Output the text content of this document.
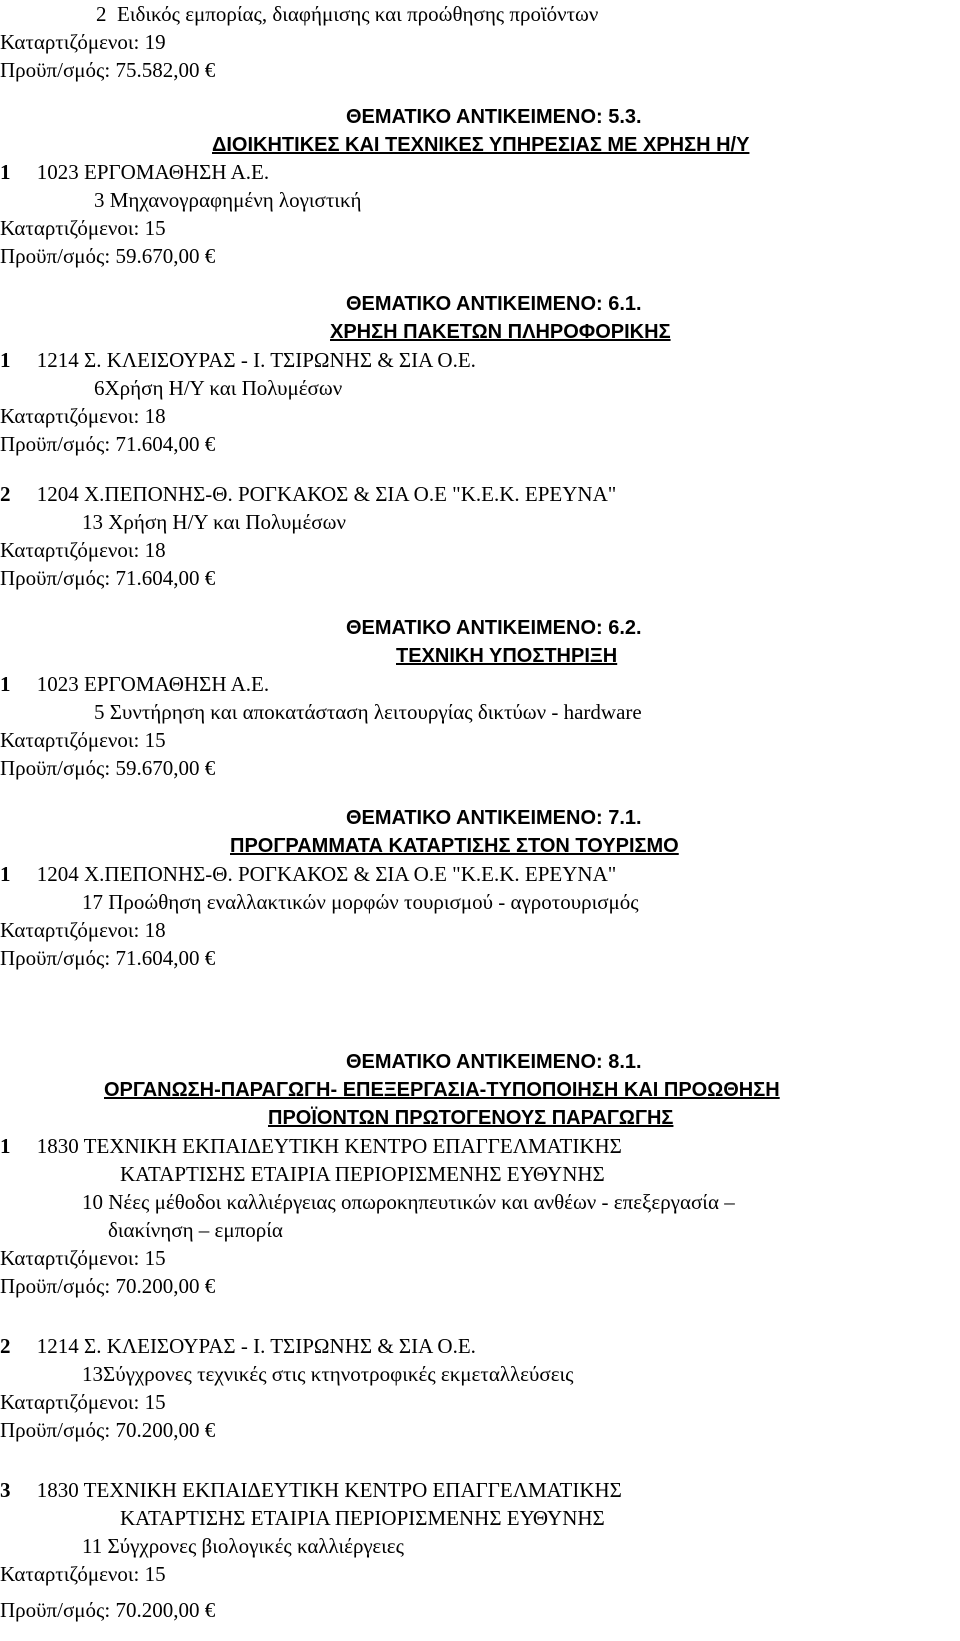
2 Ειδικός εμπορίας, διαφήμισης και προώθησης προϊόντων
Καταρτιζόμενοι: 19
Προϋπ/σμός: 75.582,00 €
ΘΕΜΑΤΙΚΟ ΑΝΤΙΚΕΙΜΕΝΟ: 5.3.
ΔΙΟΙΚΗΤΙΚΕΣ ΚΑΙ ΤΕΧΝΙΚΕΣ ΥΠΗΡΕΣΙΑΣ ΜΕ ΧΡΗΣΗ Η/Υ
1 1023 ΕΡΓΟΜΑΘΗΣΗ Α.Ε.
3 Μηχανογραφημένη λογιστική
Καταρτιζόμενοι: 15
Προϋπ/σμός: 59.670,00 €
ΘΕΜΑΤΙΚΟ ΑΝΤΙΚΕΙΜΕΝΟ: 6.1.
ΧΡΗΣΗ ΠΑΚΕΤΩΝ ΠΛΗΡΟΦΟΡΙΚΗΣ
1 1214 Σ. ΚΛΕΙΣΟΥΡΑΣ - Ι. ΤΣΙΡΩΝΗΣ & ΣΙΑ Ο.Ε.
6Χρήση Η/Υ και Πολυμέσων
Καταρτιζόμενοι: 18
Προϋπ/σμός: 71.604,00 €
2 1204 Χ.ΠΕΠΟΝΗΣ-Θ. ΡΟΓΚΑΚΟΣ & ΣΙΑ Ο.Ε "Κ.Ε.Κ. ΕΡΕΥΝΑ"
13 Χρήση Η/Υ και Πολυμέσων
Καταρτιζόμενοι: 18
Προϋπ/σμός: 71.604,00 €
ΘΕΜΑΤΙΚΟ ΑΝΤΙΚΕΙΜΕΝΟ: 6.2.
ΤΕΧΝΙΚΗ ΥΠΟΣΤΗΡΙΞΗ
1 1023 ΕΡΓΟΜΑΘΗΣΗ Α.Ε.
5 Συντήρηση και αποκατάσταση λειτουργίας δικτύων - hardware
Καταρτιζόμενοι: 15
Προϋπ/σμός: 59.670,00 €
ΘΕΜΑΤΙΚΟ ΑΝΤΙΚΕΙΜΕΝΟ: 7.1.
ΠΡΟΓΡΑΜΜΑΤΑ ΚΑΤΑΡΤΙΣΗΣ ΣΤΟΝ ΤΟΥΡΙΣΜΟ
1 1204 Χ.ΠΕΠΟΝΗΣ-Θ. ΡΟΓΚΑΚΟΣ & ΣΙΑ Ο.Ε "Κ.Ε.Κ. ΕΡΕΥΝΑ"
17 Προώθηση εναλλακτικών μορφών τουρισμού - αγροτουρισμός
Καταρτιζόμενοι: 18
Προϋπ/σμός: 71.604,00 €
ΘΕΜΑΤΙΚΟ ΑΝΤΙΚΕΙΜΕΝΟ: 8.1.
ΟΡΓΑΝΩΣΗ-ΠΑΡΑΓΩΓΗ- ΕΠΕΞΕΡΓΑΣΙΑ-ΤΥΠΟΠΟΙΗΣΗ ΚΑΙ ΠΡΟΩΘΗΣΗ
ΠΡΟΪΟΝΤΩΝ ΠΡΩΤΟΓΕΝΟΥΣ ΠΑΡΑΓΩΓΗΣ
1 1830 ΤΕΧΝΙΚΗ ΕΚΠΑΙΔΕΥΤΙΚΗ ΚΕΝΤΡΟ ΕΠΑΓΓΕΛΜΑΤΙΚΗΣ
ΚΑΤΑΡΤΙΣΗΣ ΕΤΑΙΡΙΑ ΠΕΡΙΟΡΙΣΜΕΝΗΣ ΕΥΘΥΝΗΣ
10 Νέες μέθοδοι καλλιέργειας οπωροκηπευτικών και ανθέων - επεξεργασία –
διακίνηση – εμπορία
Καταρτιζόμενοι: 15
Προϋπ/σμός: 70.200,00 €
2 1214 Σ. ΚΛΕΙΣΟΥΡΑΣ - Ι. ΤΣΙΡΩΝΗΣ & ΣΙΑ Ο.Ε.
13Σύγχρονες τεχνικές στις κτηνοτροφικές εκμεταλλεύσεις
Καταρτιζόμενοι: 15
Προϋπ/σμός: 70.200,00 €
3 1830 ΤΕΧΝΙΚΗ ΕΚΠΑΙΔΕΥΤΙΚΗ ΚΕΝΤΡΟ ΕΠΑΓΓΕΛΜΑΤΙΚΗΣ
ΚΑΤΑΡΤΙΣΗΣ ΕΤΑΙΡΙΑ ΠΕΡΙΟΡΙΣΜΕΝΗΣ ΕΥΘΥΝΗΣ
11 Σύγχρονες βιολογικές καλλιέργειες
Καταρτιζόμενοι: 15
Προϋπ/σμός: 70.200,00 €
